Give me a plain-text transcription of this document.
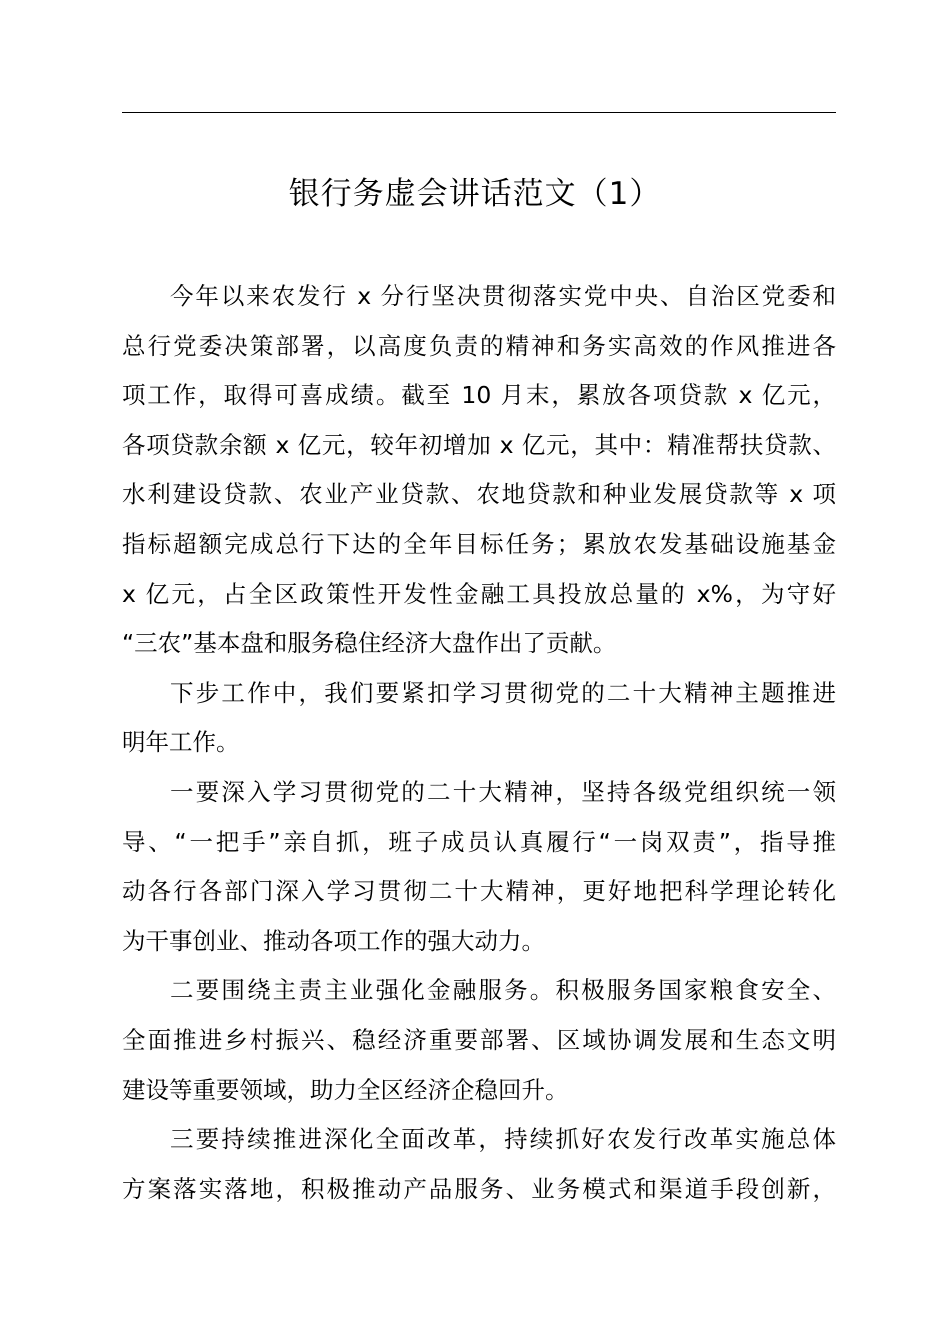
银行务虚会讲话范文（1）
今年以来农发行 x 分行坚决贯彻落实党中央、自治区党委和
总行党委决策部署，以高度负责的精神和务实高效的作风推进各
项工作，取得可喜成绩。截至 10 月末，累放各项贷款 x 亿元，
各项贷款余额 x 亿元，较年初增加 x 亿元，其中：精准帮扶贷款、
水利建设贷款、农业产业贷款、农地贷款和种业发展贷款等 x 项
指标超额完成总行下达的全年目标任务；累放农发基础设施基金
x 亿元，占全区政策性开发性金融工具投放总量的 x%，为守好
“三农”基本盘和服务稳住经济大盘作出了贡献。
下步工作中，我们要紧扣学习贯彻党的二十大精神主题推进
明年工作。
一要深入学习贯彻党的二十大精神，坚持各级党组织统一领
导、“一把手”亲自抓，班子成员认真履行“一岗双责”，指导推
动各行各部门深入学习贯彻二十大精神，更好地把科学理论转化
为干事创业、推动各项工作的强大动力。
二要围绕主责主业强化金融服务。积极服务国家粮食安全、
全面推进乡村振兴、稳经济重要部署、区域协调发展和生态文明
建设等重要领域，助力全区经济企稳回升。
三要持续推进深化全面改革，持续抓好农发行改革实施总体
方案落实落地，积极推动产品服务、业务模式和渠道手段创新，
